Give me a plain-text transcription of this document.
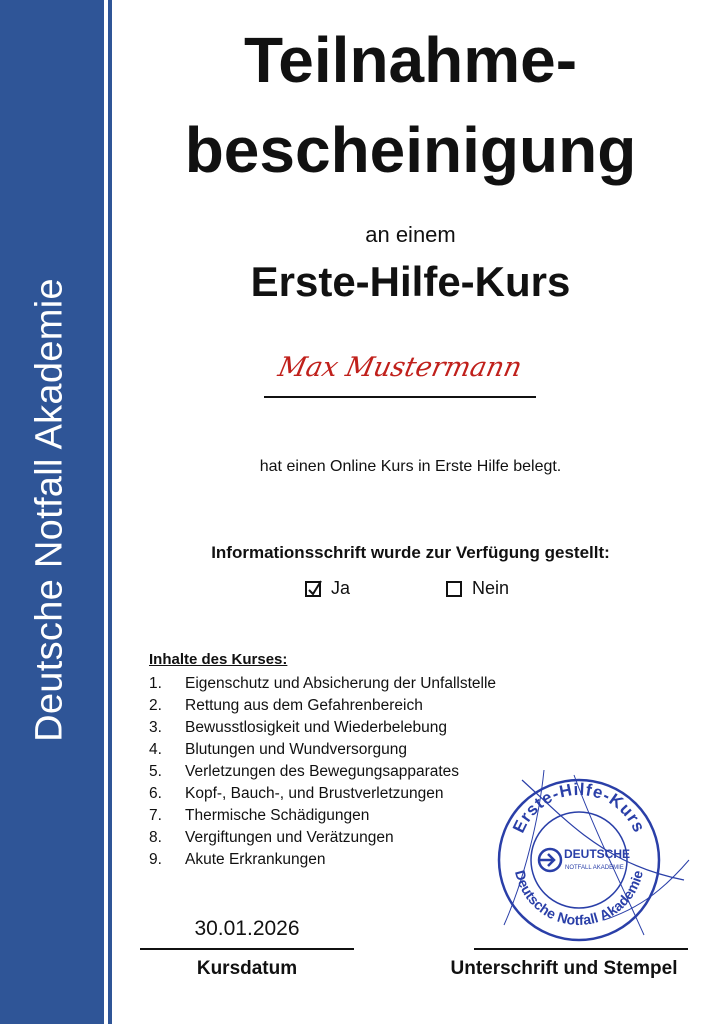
Deutsche Notfall Akademie
Teilnahme-
bescheinigung
an einem
Erste-Hilfe-Kurs
Max Mustermann
hat einen Online Kurs in Erste Hilfe belegt.
Informationsschrift wurde zur Verfügung gestellt:
Ja	Nein
Inhalte des Kurses:
1.	Eigenschutz und Absicherung der Unfallstelle
2.	Rettung aus dem Gefahrenbereich
3.	Bewusstlosigkeit und Wiederbelebung
4.	Blutungen und Wundversorgung
5.	Verletzungen des Bewegungsapparates
6.	Kopf-, Bauch-, und Brustverletzungen
7.	Thermische Schädigungen
8.	Vergiftungen und Verätzungen
9.	Akute Erkrankungen
Erste-Hilfe-Kurs
Deutsche Notfall Akademie
DEUTSCHE
NOTFALL AKADEMIE
30.01.2026
Kursdatum	Unterschrift und Stempel
